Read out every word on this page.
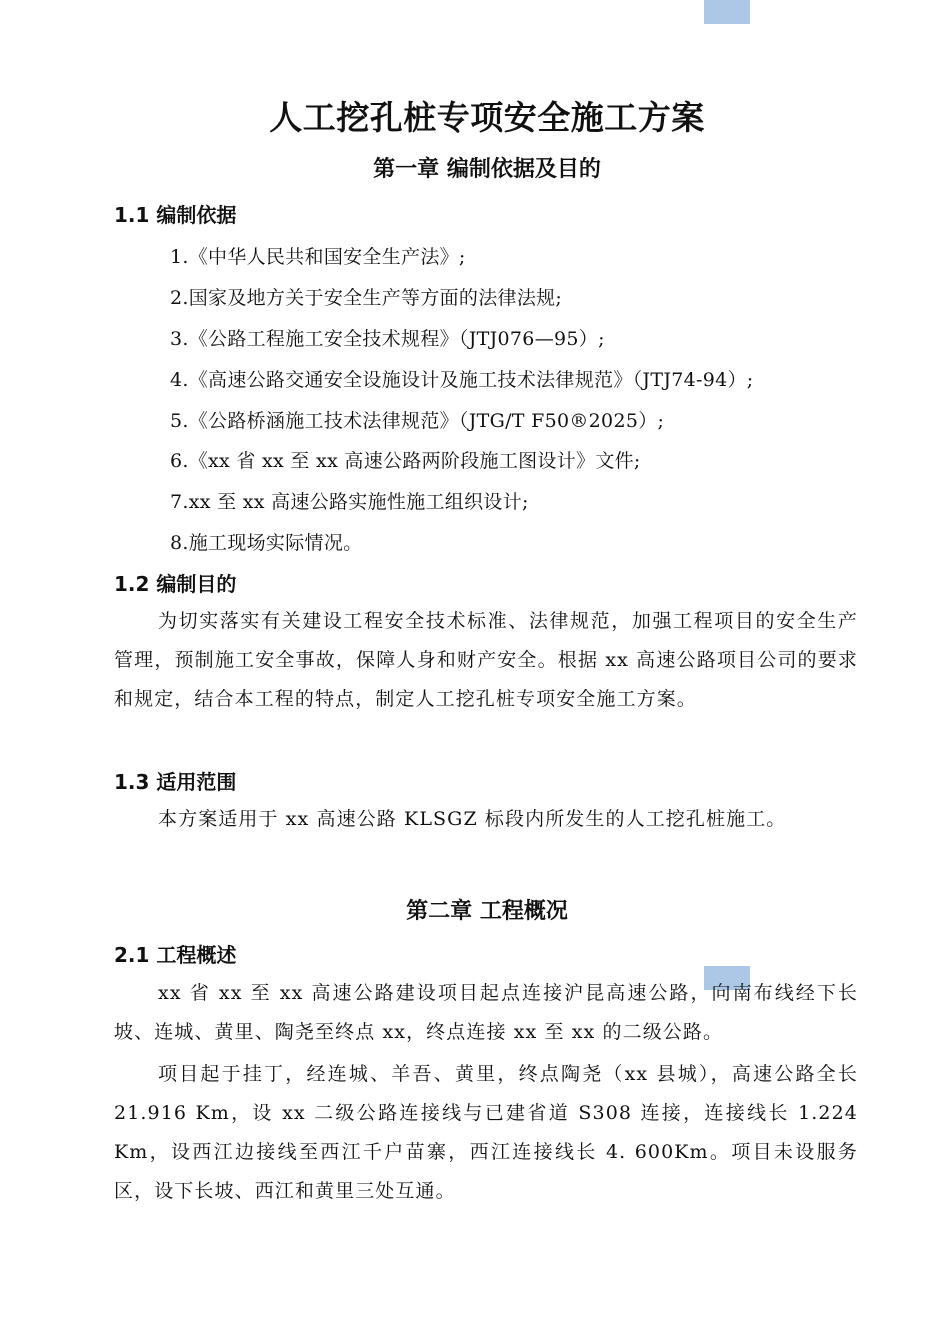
人工挖孔桩专项安全施工方案
第一章 编制依据及目的
1.1 编制依据
1.《中华人民共和国安全生产法》;
2.国家及地方关于安全生产等方面的法律法规;
3.《公路工程施工安全技术规程》（JTJ076—95）;
4.《高速公路交通安全设施设计及施工技术法律规范》（JTJ74-94）;
5.《公路桥涵施工技术法律规范》（JTG/T F50®2025）;
6.《xx 省 xx 至 xx 高速公路两阶段施工图设计》文件;
7.xx 至 xx 高速公路实施性施工组织设计;
8.施工现场实际情况。
1.2 编制目的
为切实落实有关建设工程安全技术标准、法律规范，加强工程项目的安全生产管理，预制施工安全事故，保障人身和财产安全。根据 xx 高速公路项目公司的要求和规定，结合本工程的特点，制定人工挖孔桩专项安全施工方案。
1.3 适用范围
本方案适用于 xx 高速公路 KLSGZ 标段内所发生的人工挖孔桩施工。
第二章 工程概况
2.1 工程概述
xx 省 xx 至 xx 高速公路建设项目起点连接沪昆高速公路，向南布线经下长坡、连城、黄里、陶尧至终点 xx，终点连接 xx 至 xx 的二级公路。
项目起于挂丁，经连城、羊吾、黄里，终点陶尧（xx 县城），高速公路全长 21.916 Km，设 xx 二级公路连接线与已建省道 S308 连接，连接线长 1.224 Km，设西江边接线至西江千户苗寨，西江连接线长 4. 600Km。项目未设服务区，设下长坡、西江和黄里三处互通。
